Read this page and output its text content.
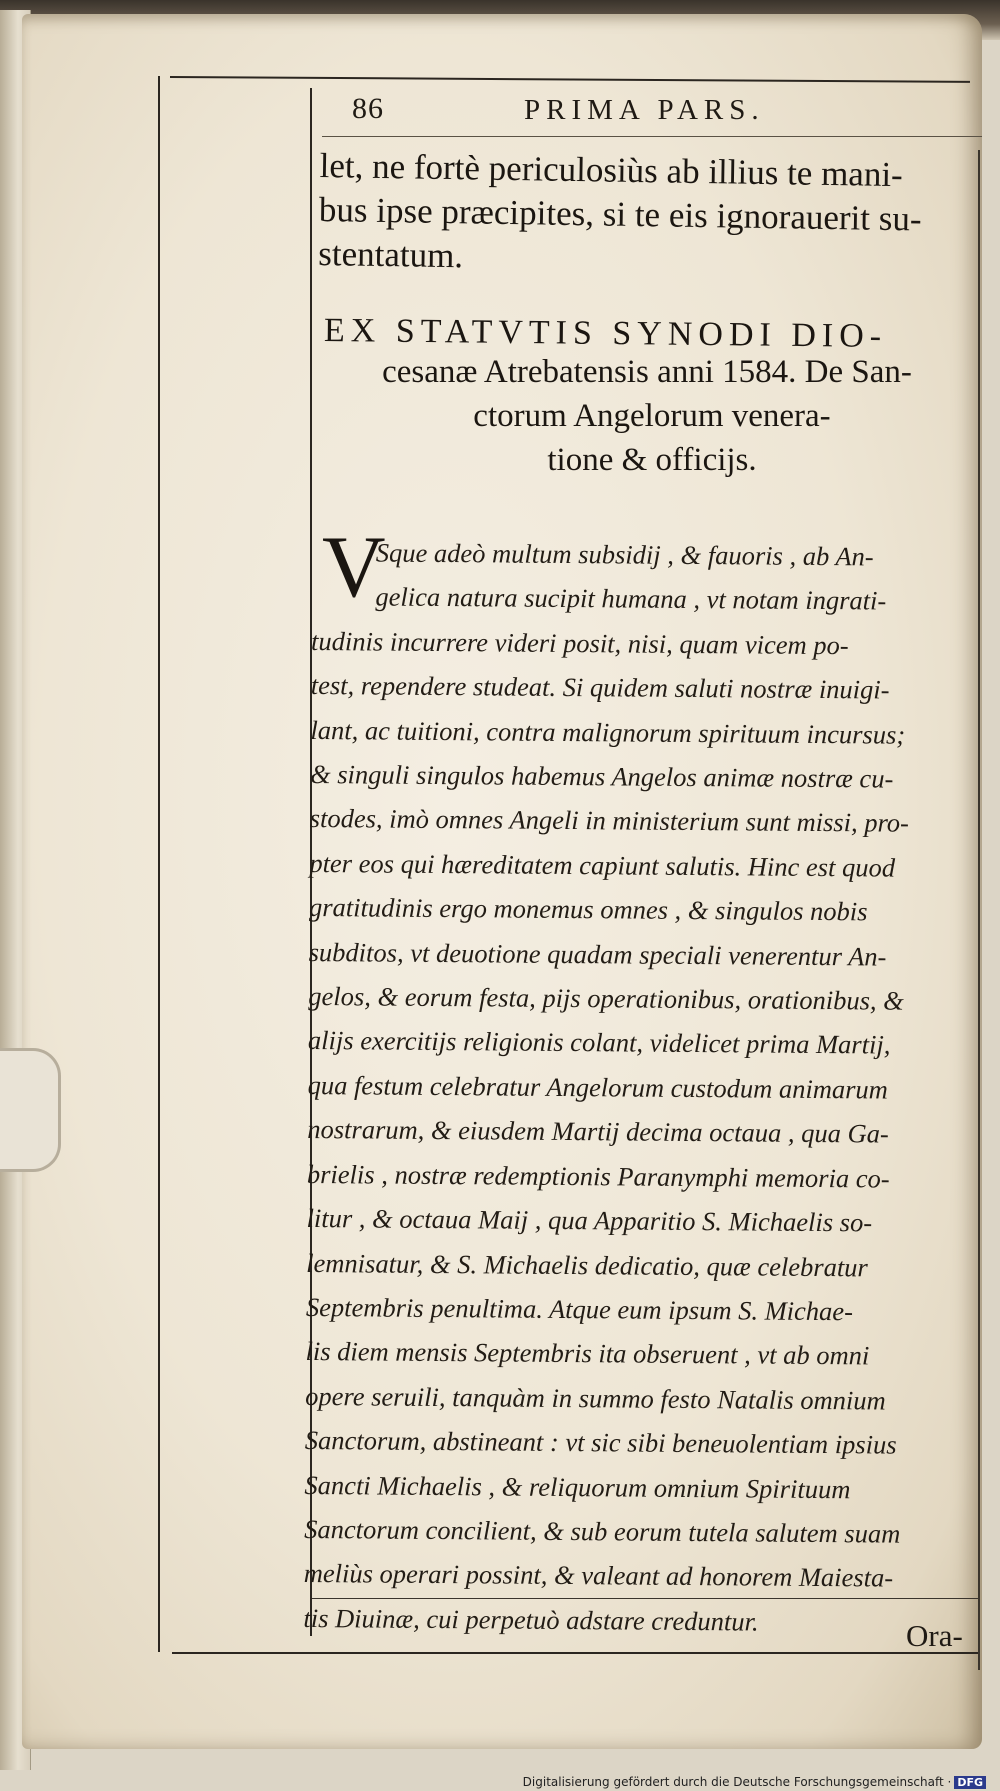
86	PRIMA PARS.
let, ne fortè periculosiùs ab illius te mani-
bus ipse præcipites, si te eis ignorauerit su-
stentatum.
EX STATVTIS SYNODI DIO-
cesanæ Atrebatensis anni 1584. De San-
ctorum Angelorum venera-
tione & officijs.
V
Sque adeò multum subsidij , & fauoris , ab An-
gelica natura sucipit humana , vt notam ingrati-
tudinis incurrere videri posit, nisi, quam vicem po-
test, rependere studeat. Si quidem saluti nostræ inuigi-
lant, ac tuitioni, contra malignorum spirituum incursus;
& singuli singulos habemus Angelos animæ nostræ cu-
stodes, imò omnes Angeli in ministerium sunt missi, pro-
pter eos qui hæreditatem capiunt salutis. Hinc est quod
gratitudinis ergo monemus omnes , & singulos nobis
subditos, vt deuotione quadam speciali venerentur An-
gelos, & eorum festa, pijs operationibus, orationibus, &
alijs exercitijs religionis colant, videlicet prima Martij,
qua festum celebratur Angelorum custodum animarum
nostrarum, & eiusdem Martij decima octaua , qua Ga-
brielis , nostræ redemptionis Paranymphi memoria co-
litur , & octaua Maij , qua Apparitio S. Michaelis so-
lemnisatur, & S. Michaelis dedicatio, quæ celebratur
Septembris penultima. Atque eum ipsum S. Michae-
lis diem mensis Septembris ita obseruent , vt ab omni
opere seruili, tanquàm in summo festo Natalis omnium
Sanctorum, abstineant : vt sic sibi beneuolentiam ipsius
Sancti Michaelis , & reliquorum omnium Spirituum
Sanctorum concilient, & sub eorum tutela salutem suam
meliùs operari possint, & valeant ad honorem Maiesta-
tis Diuinæ, cui perpetuò adstare creduntur.	Ora-
Digitalisierung gefördert durch die Deutsche Forschungsgemeinschaft · DFG
